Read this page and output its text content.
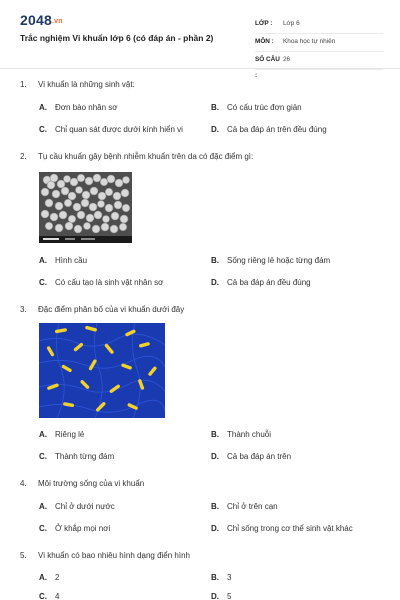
2048.vn
Trắc nghiệm Vi khuẩn lớp 6 (có đáp án - phần 2)
LỚP :	Lớp 6
MÔN :	Khoa học tự nhiên
SỐ CÂU :
26
1. Vi khuẩn là những sinh vật:
A. Đơn bào nhân sơ	B. Có cấu trúc đơn giản
C. Chỉ quan sát được dưới kính hiển vi	D. Cả ba đáp án trên đều đúng
2. Tụ cầu khuẩn gây bệnh nhiễm khuẩn trên da có đặc điểm gì:
A. Hình cầu	B. Sống riêng lẻ hoặc từng đám
C. Có cấu tạo là sinh vật nhân sơ	D. Cả ba đáp án đều đúng
3. Đặc điểm phân bố của vi khuẩn dưới đây
A. Riêng lẻ	B. Thành chuỗi
C. Thành từng đám	D. Cả ba đáp án trên
4. Môi trường sống của vi khuẩn
A. Chỉ ở dưới nước	B. Chỉ ở trên cạn
C. Ở khắp mọi nơi	D. Chỉ sống trong cơ thể sinh vật khác
5. Vi khuẩn có bao nhiêu hình dạng điển hình
A. 2	B. 3
C. 4	D. 5
